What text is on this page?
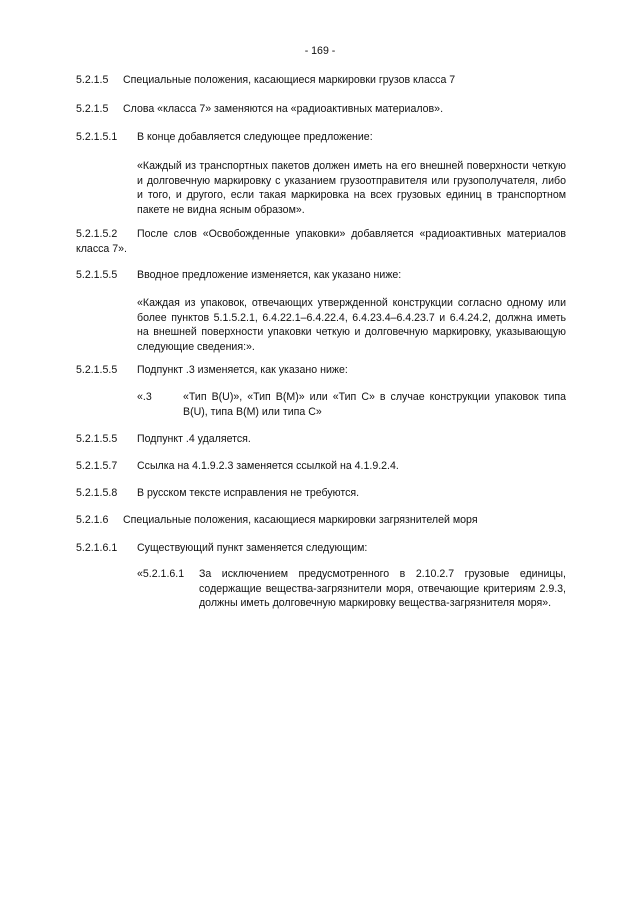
- 169 -
5.2.1.5 Специальные положения, касающиеся маркировки грузов класса 7
5.2.1.5 Слова «класса 7» заменяются на «радиоактивных материалов».
5.2.1.5.1 В конце добавляется следующее предложение:
«Каждый из транспортных пакетов должен иметь на его внешней поверхности четкую и долговечную маркировку с указанием грузоотправителя или грузополучателя, либо и того, и другого, если такая маркировка на всех грузовых единиц в транспортном пакете не видна ясным образом».
5.2.1.5.2 После слов «Освобожденные упаковки» добавляется «радиоактивных материалов класса 7».
5.2.1.5.5 Вводное предложение изменяется, как указано ниже:
«Каждая из упаковок, отвечающих утвержденной конструкции согласно одному или более пунктов 5.1.5.2.1, 6.4.22.1–6.4.22.4, 6.4.23.4–6.4.23.7 и 6.4.24.2, должна иметь на внешней поверхности упаковки четкую и долговечную маркировку, указывающую следующие сведения:».
5.2.1.5.5 Подпункт .3 изменяется, как указано ниже:
«.3	«Тип B(U)», «Тип B(M)» или «Тип C» в случае конструкции упаковок типа B(U), типа B(M) или типа C»
5.2.1.5.5 Подпункт .4 удаляется.
5.2.1.5.7 Ссылка на 4.1.9.2.3 заменяется ссылкой на 4.1.9.2.4.
5.2.1.5.8 В русском тексте исправления не требуются.
5.2.1.6 Специальные положения, касающиеся маркировки загрязнителей моря
5.2.1.6.1 Существующий пункт заменяется следующим:
«5.2.1.6.1 За исключением предусмотренного в 2.10.2.7 грузовые единицы, содержащие вещества-загрязнители моря, отвечающие критериям 2.9.3, должны иметь долговечную маркировку вещества-загрязнителя моря».
